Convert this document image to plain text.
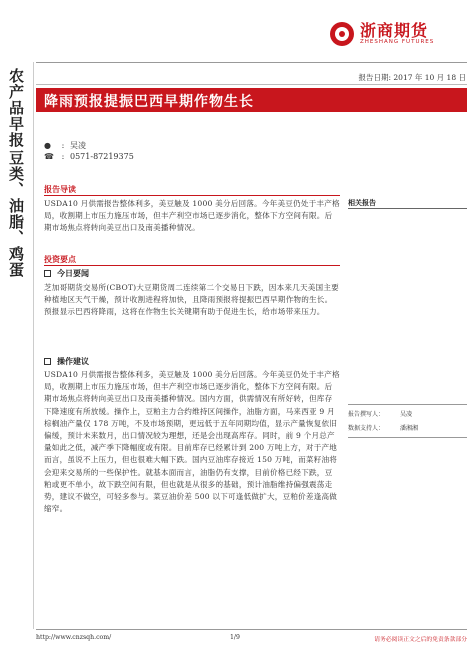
浙商期货
ZHESHANG FUTURES
报告日期: 2017 年 10 月 18 日
农产品早报
豆类、油脂、鸡蛋
降雨预报提振巴西早期作物生长
●	: 吴凌
☎ : 0571-87219375
报告导读
USDA10 月供需报告整体利多，美豆触及 1000 美分后回落。今年美豆仍处于丰产格局，收割期上市压力施压市场，但丰产利空市场已逐步消化，整体下方空间有限。后期市场焦点将转向美豆出口及南美播种情况。
投资要点
今日要闻
芝加哥期货交易所(CBOT)大豆期货周二连续第二个交易日下跌，因本来几天美国主要种植地区天气干燥，预计收割进程将加快，且降雨预报将提振巴西早期作物的生长。预报显示巴西将降雨，这将在作物生长关键期有助于促进生长，给市场带来压力。
操作建议
USDA10 月供需报告整体利多，美豆触及 1000 美分后回落。今年美豆仍处于丰产格局，收割期上市压力施压市场，但丰产利空市场已逐步消化，整体下方空间有限。后期市场焦点将转向美豆出口及南美播种情况。国内方面，供需情况有所好转，但库存下降速度有所放缓。操作上，豆粕主力合约维持区间操作，油脂方面，马来西亚 9 月棕榈油产量仅 178 万吨，不及市场预期，更远低于五年同期均值，显示产量恢复依旧偏缓，预计未来数月，出口情况较为理想，还是会出现高库存。同时，前 9 个月总产量如此之低，减产季下降幅度或有限。目前库存已经累计到 200 万吨上方，对于产地而言，虽说不上压力，但也很难大幅下跌。国内豆油库存接近 150 万吨，而菜籽油将会迎来交易所的一些保护性。就基本面而言，油脂仍有支撑，目前价格已经下跌，豆粕或更不单小，故下跌空间有限，但也就是从很多的基础，预计油脂维持偏强震荡走势，建议不做空，可轻多参与。菜豆油价差 500 以下可逢低做扩大，豆粕价差逢高做缩窄。
相关报告
报告撰写人：	吴凌
数据支持人：	潘湘湘
http://www.cnzsqh.com/	1/9	请务必阅读正文之后的免责条款部分
